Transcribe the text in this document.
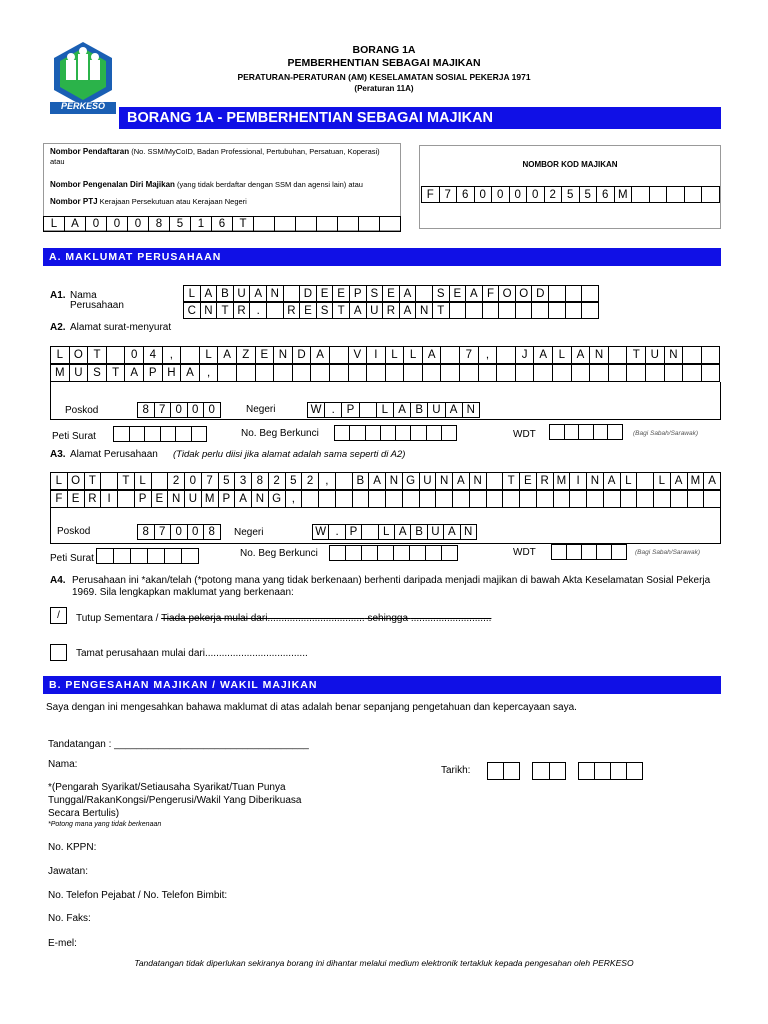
PERKESO
BORANG 1A
PEMBERHENTIAN SEBAGAI MAJIKAN
PERATURAN-PERATURAN (AM) KESELAMATAN SOSIAL PEKERJA 1971
(Peraturan 11A)
BORANG 1A - PEMBERHENTIAN SEBAGAI MAJIKAN
Nombor Pendaftaran (No. SSM/MyCoID, Badan Professional, Pertubuhan, Persatuan, Koperasi) atau
Nombor Pengenalan Diri Majikan (yang tidak berdaftar dengan SSM dan agensi lain) atau
Nombor PTJ Kerajaan Persekutuan atau Kerajaan Negeri
L	A	0	0	0	8	5	1	6	T
NOMBOR KOD MAJIKAN
F 7 6 0 0 0 0 2 5 5 6 M
A. MAKLUMAT PERUSAHAAN
A1. Nama
Perusahaan
L A B U A N	D E E P S E A	S E A F O O D
C N T R .	R E S T A U R A N T
A2. Alamat surat-menyurat
L O T	0	4	,	L	A Z E N D A	V	I	L	L	A	7	,	J	A	L	A N	T U N
M U S T A P H A	,
Poskod	8 7 0 0 0	Negeri	W .	P	L A B U A N
Peti Surat	No. Beg Berkunci	WDT	(Bagi Sabah/Sarawak)
A3. Alamat Perusahaan (Tidak perlu diisi jika alamat adalah sama seperti di A2)
L O T	T L	2 0 7 5 3 8 2 5 2	,	B A N G U N A N	T E R M I N A L	L A M A
F E R I	P E N U M P A N G ,
Poskod	8 7 0 0 8	Negeri	W . P	L A B U A N
Peti Surat	No. Beg Berkunci	WDT	(Bagi Sabah/Sarawak)
A4. Perusahaan ini *akan/telah (*potong mana yang tidak berkenaan) berhenti daripada menjadi majikan di bawah Akta Keselamatan Sosial Pekerja
1969. Sila lengkapkan maklumat yang berkenaan:
/	Tutup Sementara / Tiada pekerja mulai dari................................... sehingga .............................
Tamat perusahaan mulai dari.....................................
B. PENGESAHAN MAJIKAN / WAKIL MAJIKAN
Saya dengan ini mengesahkan bahawa maklumat di atas adalah benar sepanjang pengetahuan dan kepercayaan saya.
Tandatangan : ___________________________________
Nama:
Tarikh:
*(Pengarah Syarikat/Setiausaha Syarikat/Tuan Punya
Tunggal/RakanKongsi/Pengerusi/Wakil Yang Diberikuasa
Secara Bertulis)
*Potong mana yang tidak berkenaan
No. KPPN:
Jawatan:
No. Telefon Pejabat / No. Telefon Bimbit:
No. Faks:
E-mel:
Tandatangan tidak diperlukan sekiranya borang ini dihantar melalui medium elektronik tertakluk kepada pengesahan oleh PERKESO
